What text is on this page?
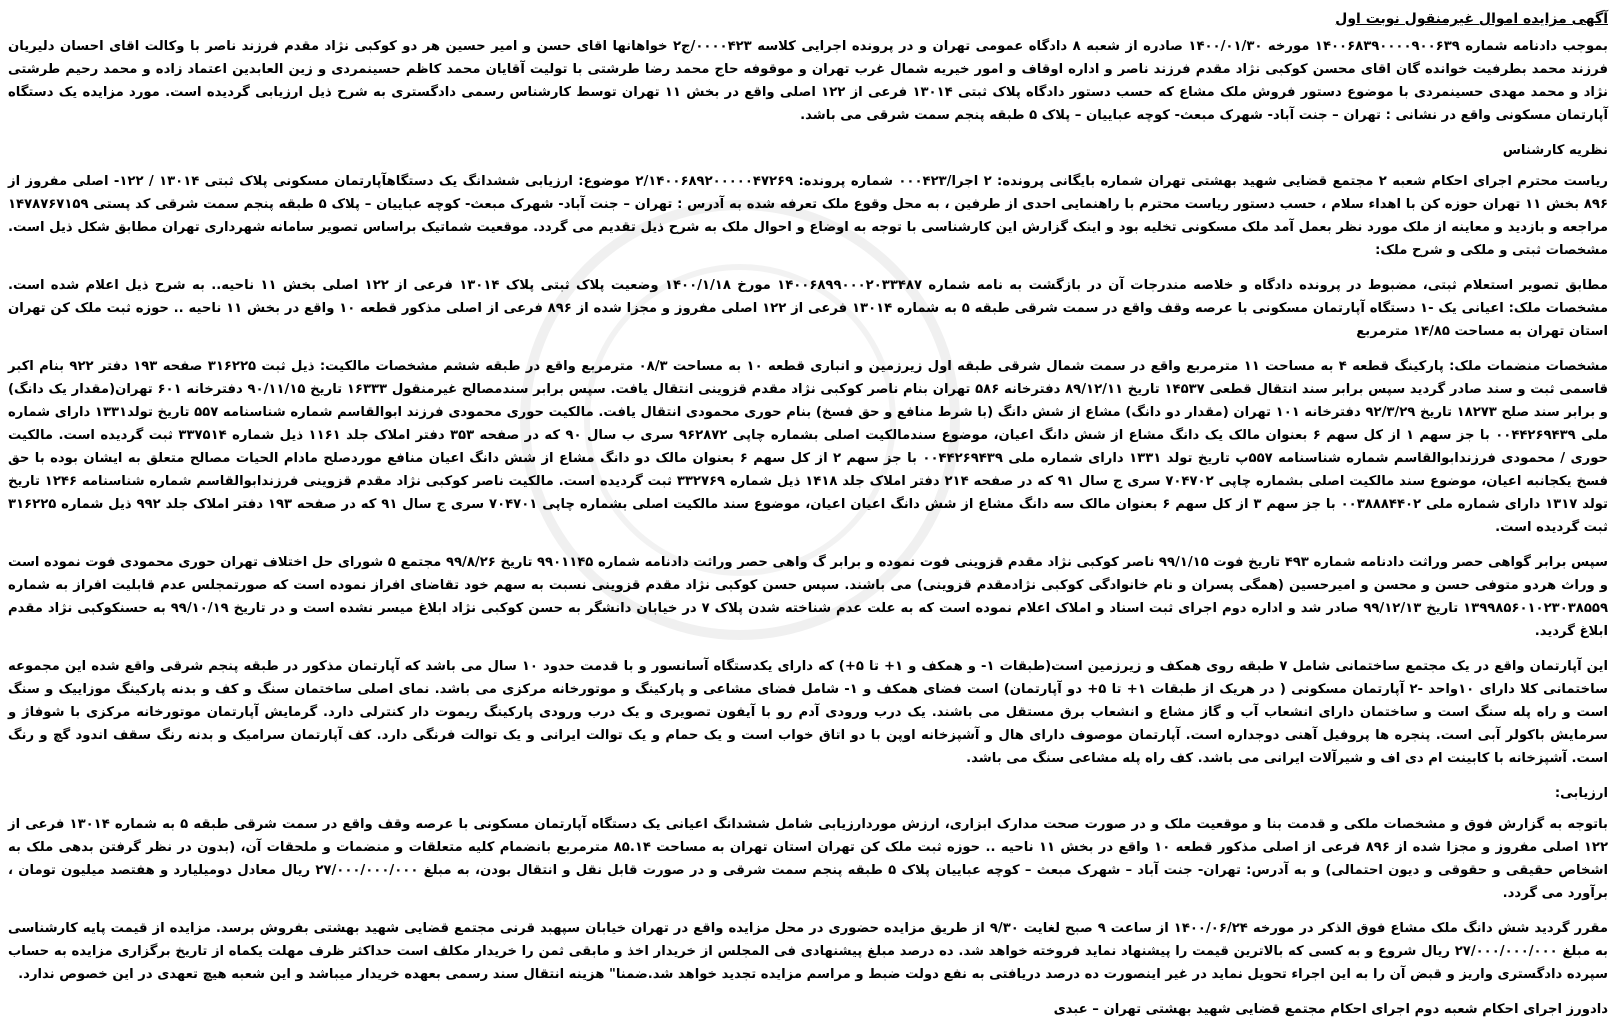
آگهی مزایده اموال غیرمنقول نوبت اول

بموجب دادنامه شماره ۱۴۰۰۶۸۳۹۰۰۰۰۹۰۰۶۳۹ مورخه ۱۴۰۰/۰۱/۳۰ صادره از شعبه ۸ دادگاه عمومی تهران و در پرونده اجرایی کلاسه ۰۰۰۰۴۲۳/ج۲ خواهانها اقای حسن و امیر حسین هر دو کوکبی نژاد مقدم فرزند ناصر با وکالت اقای احسان دلیریان فرزند محمد بطرفیت خوانده گان اقای محسن کوکبی نژاد مقدم فرزند ناصر و اداره اوقاف و امور خیریه شمال غرب تهران و موقوفه حاج محمد رضا طرشتی با تولیت آقایان محمد کاظم حسینمردی و زین العابدین اعتماد زاده و محمد رحیم طرشتی نژاد و محمد مهدی حسینمردی با موضوع دستور فروش ملک مشاع که حسب دستور دادگاه پلاک ثبتی ۱۳۰۱۴ فرعی از ۱۲۲ اصلی واقع در بخش ۱۱ تهران توسط کارشناس رسمی دادگستری به شرح ذیل ارزیابی گردیده است. مورد مزایده یک دستگاه آپارتمان مسکونی واقع در نشانی : تهران – جنت آباد- شهرک مبعث- کوچه عباییان – پلاک ۵ طبقه پنجم سمت شرقی می باشد.

نظریه کارشناس

ریاست محترم اجرای احکام شعبه ۲ مجتمع قضایی شهید بهشتی تهران شماره بایگانی پرونده: ۲ اجرا/۰۰۰۴۲۳ شماره پرونده: ۲/۱۴۰۰۶۸۹۲۰۰۰۰۰۴۷۲۶۹ موضوع: ارزیابی ششدانگ یک دستگاهآپارتمان مسکونی پلاک ثبتی ۱۳۰۱۴ / ۱۲۲- اصلی مفروز از ۸۹۶ بخش ۱۱ تهران حوزه کن با اهداء سلام ، حسب دستور ریاست محترم با راهنمایی احدی از طرفین ، به محل وقوع ملک تعرفه شده به آدرس : تهران – جنت آباد- شهرک مبعث- کوچه عباییان – پلاک ۵ طبقه پنجم سمت شرقی کد پستی ۱۴۷۸۷۶۷۱۵۹ مراجعه و بازدید و معاینه از ملک مورد نظر بعمل آمد ملک مسکونی تخلیه بود و اینک گزارش این کارشناسی با توجه به اوضاع و احوال ملک به شرح ذیل تقدیم می گردد. موقعیت شماتیک براساس تصویر سامانه شهرداری تهران مطابق شکل ذیل است. مشخصات ثبتی و ملکی و شرح ملک:

مطابق تصویر استعلام ثبتی، مضبوط در پرونده دادگاه و خلاصه مندرجات آن در بازگشت به نامه شماره ۱۴۰۰۶۸۹۹۰۰۰۲۰۳۳۴۸۷ مورخ ۱۴۰۰/۱/۱۸ وضعیت پلاک ثبتی پلاک ۱۳۰۱۴ فرعی از ۱۲۲ اصلی بخش ۱۱ ناحیه.. به شرح ذیل اعلام شده است. مشخصات ملک: اعیانی یک -۱ دستگاه آپارتمان مسکونی با عرصه وقف واقع در سمت شرقی طبقه ۵ به شماره ۱۳۰۱۴ فرعی از ۱۲۲ اصلی مفروز و مجزا شده از ۸۹۶ فرعی از اصلی مذکور قطعه ۱۰ واقع در بخش ۱۱ ناحیه .. حوزه ثبت ملک کن تهران استان تهران به مساحت ۱۴/۸۵ مترمربع

مشخصات منضمات ملک: پارکینگ قطعه ۴ به مساحت ۱۱ مترمربع واقع در سمت شمال شرقی طبقه اول زیرزمین و انباری قطعه ۱۰ به مساحت ۰۸/۳ مترمربع واقع در طبقه ششم مشخصات مالکیت: ذیل ثبت ۳۱۶۲۲۵ صفحه ۱۹۳ دفتر ۹۲۲ بنام اکبر قاسمی ثبت و سند صادر گردید سپس برابر سند انتقال قطعی ۱۴۵۳۷ تاریخ ۸۹/۱۲/۱۱ دفترخانه ۵۸۶ تهران بنام ناصر کوکبی نژاد مقدم قزوینی انتقال یافت. سپس برابر سندمصالح غیرمنقول ۱۶۳۳۳ تاریخ ۹۰/۱۱/۱۵ دفترخانه ۶۰۱ تهران(مقدار یک دانگ) و برابر سند صلح ۱۸۲۷۳ تاریخ ۹۲/۳/۲۹ دفترخانه ۱۰۱ تهران (مقدار دو دانگ) مشاع از شش دانگ (با شرط منافع و حق فسخ) بنام حوری محمودی انتقال یافت. مالکیت حوری محمودی فرزند ابوالقاسم شماره شناسنامه ۵۵۷ تاریخ تولد۱۳۳۱ دارای شماره ملی ۰۰۴۴۲۶۹۴۳۹ با جز سهم ۱ از کل سهم ۶ بعنوان مالک یک دانگ مشاع از شش دانگ اعیان، موضوع سندمالکیت اصلی بشماره چاپی ۹۶۲۸۷۲ سری ب سال ۹۰ که در صفحه ۳۵۳ دفتر املاک جلد ۱۱۶۱ ذیل شماره ۳۳۷۵۱۴ ثبت گردیده است. مالکیت حوری / محمودی فرزندابوالقاسم شماره شناسنامه ۵۵۷پ تاریخ تولد ۱۳۳۱ دارای شماره ملی ۰۰۴۴۲۶۹۴۳۹ با جز سهم ۲ از کل سهم ۶ بعنوان مالک دو دانگ مشاع از شش دانگ اعیان منافع موردصلح مادام الحیات مصالح متعلق به ایشان بوده با حق فسخ یکجانبه اعیان، موضوع سند مالکیت اصلی بشماره چاپی ۷۰۴۷۰۲ سری ج سال ۹۱ که در صفحه ۲۱۴ دفتر املاک جلد ۱۴۱۸ ذیل شماره ۳۳۲۷۶۹ ثبت گردیده است. مالکیت ناصر کوکبی نژاد مقدم قزوینی فرزندابوالقاسم شماره شناسنامه ۱۲۴۶ تاریخ تولد ۱۳۱۷ دارای شماره ملی ۰۰۳۸۸۸۴۴۰۲ با جز سهم ۳ از کل سهم ۶ بعنوان مالک سه دانگ مشاع از شش دانگ اعیان اعیان، موضوع سند مالکیت اصلی بشماره چاپی ۷۰۴۷۰۱ سری ج سال ۹۱ که در صفحه ۱۹۳ دفتر املاک جلد ۹۹۲ ذیل شماره ۳۱۶۲۲۵ ثبت گردیده است.

سپس برابر گواهی حصر وراثت دادنامه شماره ۴۹۳ تاریخ فوت ۹۹/۱/۱۵ ناصر کوکبی نژاد مقدم قزوینی فوت نموده و برابر گ واهی حصر وراثت دادنامه شماره ۹۹۰۱۱۴۵ تاریخ ۹۹/۸/۲۶ مجتمع ۵ شورای حل اختلاف تهران حوری محمودی فوت نموده است و وراث هردو متوفی حسن و محسن و امیرحسین (همگی پسران و نام خانوادگی کوکبی نژادمقدم قزوینی) می باشند. سپس حسن کوکبی نژاد مقدم قزوینی نسبت به سهم خود تقاضای افراز نموده است که صورتمجلس عدم قابلیت افراز به شماره ۱۳۹۹۸۵۶۰۱۰۲۳۰۳۸۵۵۹ تاریخ ۹۹/۱۲/۱۳ صادر شد و اداره دوم اجرای ثبت اسناد و املاک اعلام نموده است که به علت عدم شناخته شدن پلاک ۷ در خیابان دانشگر به حسن کوکبی نژاد ابلاغ میسر نشده است و در تاریخ ۹۹/۱۰/۱۹ به حسنکوکبی نژاد مقدم ابلاغ گردید.

این آپارتمان واقع در یک مجتمع ساختمانی شامل ۷ طبقه روی همکف و زیرزمین است(طبقات ۱- و همکف و ۱+ تا ۵+) که دارای یکدستگاه آسانسور و با قدمت حدود ۱۰ سال می باشد که آپارتمان مذکور در طبقه پنجم شرقی واقع شده این مجموعه ساختمانی کلا دارای ۱۰واحد -۲ آپارتمان مسکونی ( در هریک از طبقات ۱+ تا ۵+ دو آپارتمان) است فضای همکف و ۱- شامل فضای مشاعی و پارکینگ و موتورخانه مرکزی می باشد. نمای اصلی ساختمان سنگ و کف و بدنه پارکینگ موزاییک و سنگ است و راه پله سنگ است و ساختمان دارای انشعاب آب و گاز مشاع و انشعاب برق مستقل می باشند. یک درب ورودی آدم رو با آیفون تصویری و یک درب ورودی پارکینگ ریموت دار کنترلی دارد. گرمایش آپارتمان موتورخانه مرکزی با شوفاژ و سرمایش باکولر آبی است. پنجره ها پروفیل آهنی دوجداره است. آپارتمان موصوف دارای هال و آشپزخانه اوپن با دو اتاق خواب است و یک حمام و یک توالت ایرانی و یک توالت فرنگی دارد. کف آپارتمان سرامیک و بدنه رنگ سقف اندود گچ و رنگ است. آشپزخانه با کابینت ام دی اف و شیرآلات ایرانی می باشد. کف راه پله مشاعی سنگ می باشد.

ارزیابی:

باتوجه به گزارش فوق و مشخصات ملکی و قدمت بنا و موقعیت ملک و در صورت صحت مدارک ابزاری، ارزش موردارزیابی شامل ششدانگ اعیانی یک دستگاه آپارتمان مسکونی با عرصه وقف واقع در سمت شرقی طبقه ۵ به شماره ۱۳۰۱۴ فرعی از ۱۲۲ اصلی مفروز و مجزا شده از ۸۹۶ فرعی از اصلی مذکور قطعه ۱۰ واقع در بخش ۱۱ ناحیه .. حوزه ثبت ملک کن تهران استان تهران به مساحت ۸۵.۱۴ مترمربع بانضمام کلیه متعلقات و منضمات و ملحقات آن، (بدون در نظر گرفتن بدهی ملک به اشخاص حقیقی و حقوقی و دیون احتمالی) و به آدرس: تهران- جنت آباد – شهرک مبعث – کوچه عباییان پلاک ۵ طبقه پنجم سمت شرقی و در صورت قابل نقل و انتقال بودن، به مبلغ ۲۷/۰۰۰/۰۰۰/۰۰۰ ریال معادل دومیلیارد و هفتصد میلیون تومان ، برآورد می گردد.

مقرر گردید شش دانگ ملک مشاع فوق الذکر در مورخه ۱۴۰۰/۰۶/۲۴ از ساعت ۹ صبح لغایت ۹/۳۰ از طریق مزایده حضوری در محل مزایده واقع در تهران خیابان سپهبد قرنی مجتمع قضایی شهید بهشتی بفروش برسد. مزایده از قیمت پایه کارشناسی به مبلغ ۲۷/۰۰۰/۰۰۰/۰۰۰ ریال شروع و به کسی که بالاترین قیمت را پیشنهاد نماید فروخته خواهد شد. ده درصد مبلغ پیشنهادی فی المجلس از خریدار اخذ و مابقی ثمن را خریدار مکلف است حداکثر ظرف مهلت یکماه از تاریخ برگزاری مزایده به حساب سپرده دادگستری واریز و قبض آن را به این اجراء تحویل نماید در غیر اینصورت ده درصد دریافتی به نفع دولت ضبط و مراسم مزایده تجدید خواهد شد.ضمنا" هزینه انتقال سند رسمی بعهده خریدار میباشد و این شعبه هیچ تعهدی در این خصوص ندارد.

دادورز اجرای احکام شعبه دوم اجرای احکام مجتمع قضایی شهید بهشتی تهران – عبدی
